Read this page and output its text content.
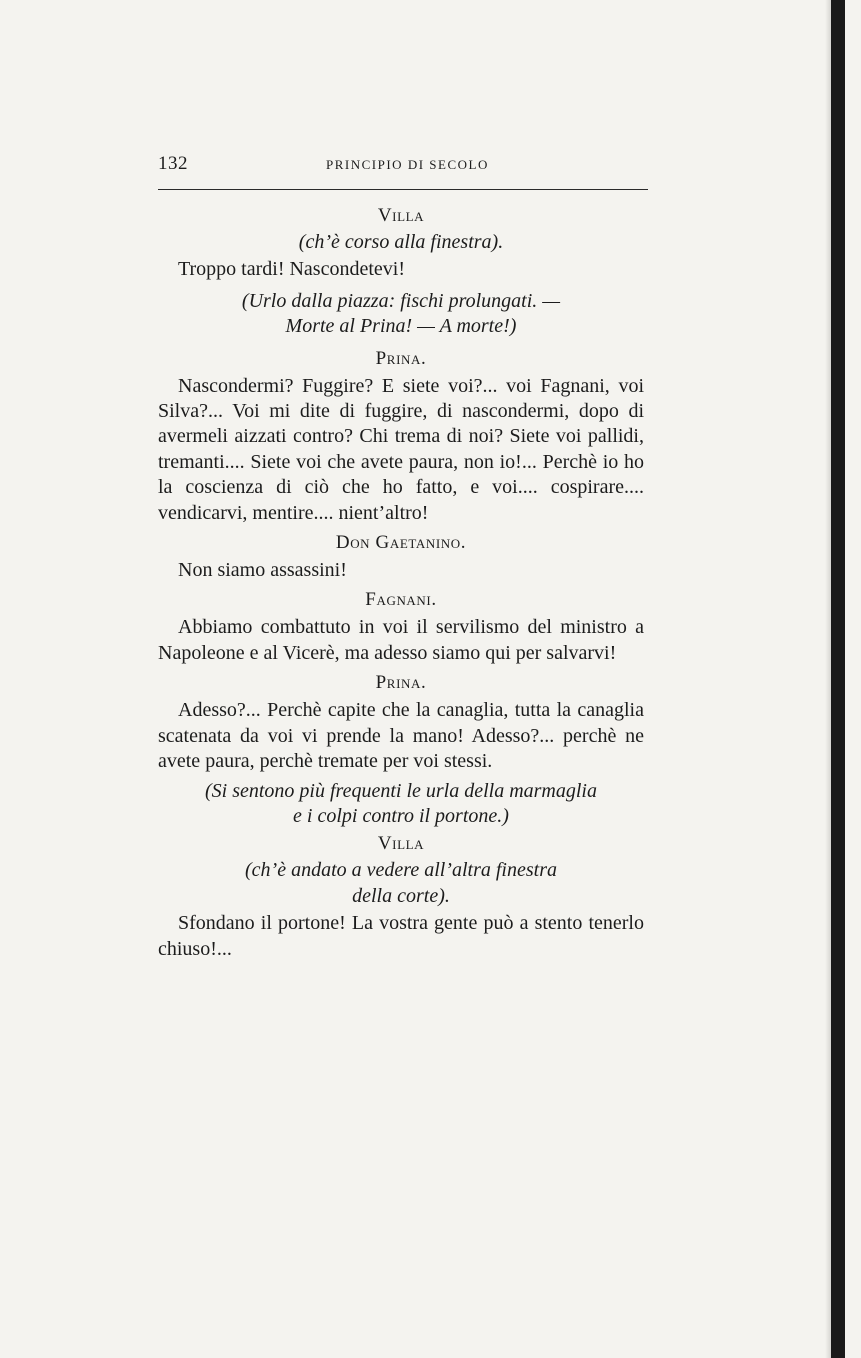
132	PRINCIPIO DI SECOLO
Villa

(ch’è corso alla finestra).

Troppo tardi! Nascondetevi!

(Urlo dalla piazza: fischi prolungati. —
Morte al Prina! — A morte!)

Prina.

Nascondermi? Fuggire? E siete voi?... voi Fagnani, voi Silva?... Voi mi dite di fuggire, di nascondermi, dopo di avermeli aizzati contro? Chi trema di noi? Siete voi pallidi, tremanti.... Siete voi che avete paura, non io!... Perchè io ho la coscienza di ciò che ho fatto, e voi.... cospirare.... vendicarvi, mentire.... nient’altro!

Don Gaetanino.

Non siamo assassini!

Fagnani.

Abbiamo combattuto in voi il servilismo del ministro a Napoleone e al Vicerè, ma adesso siamo qui per salvarvi!

Prina.

Adesso?... Perchè capite che la canaglia, tutta la canaglia scatenata da voi vi prende la mano! Adesso?... perchè ne avete paura, perchè tremate per voi stessi.

(Si sentono più frequenti le urla della marmaglia
e i colpi contro il portone.)

Villa

(ch’è andato a vedere all’altra finestra
della corte).

Sfondano il portone! La vostra gente può a stento tenerlo chiuso!...
